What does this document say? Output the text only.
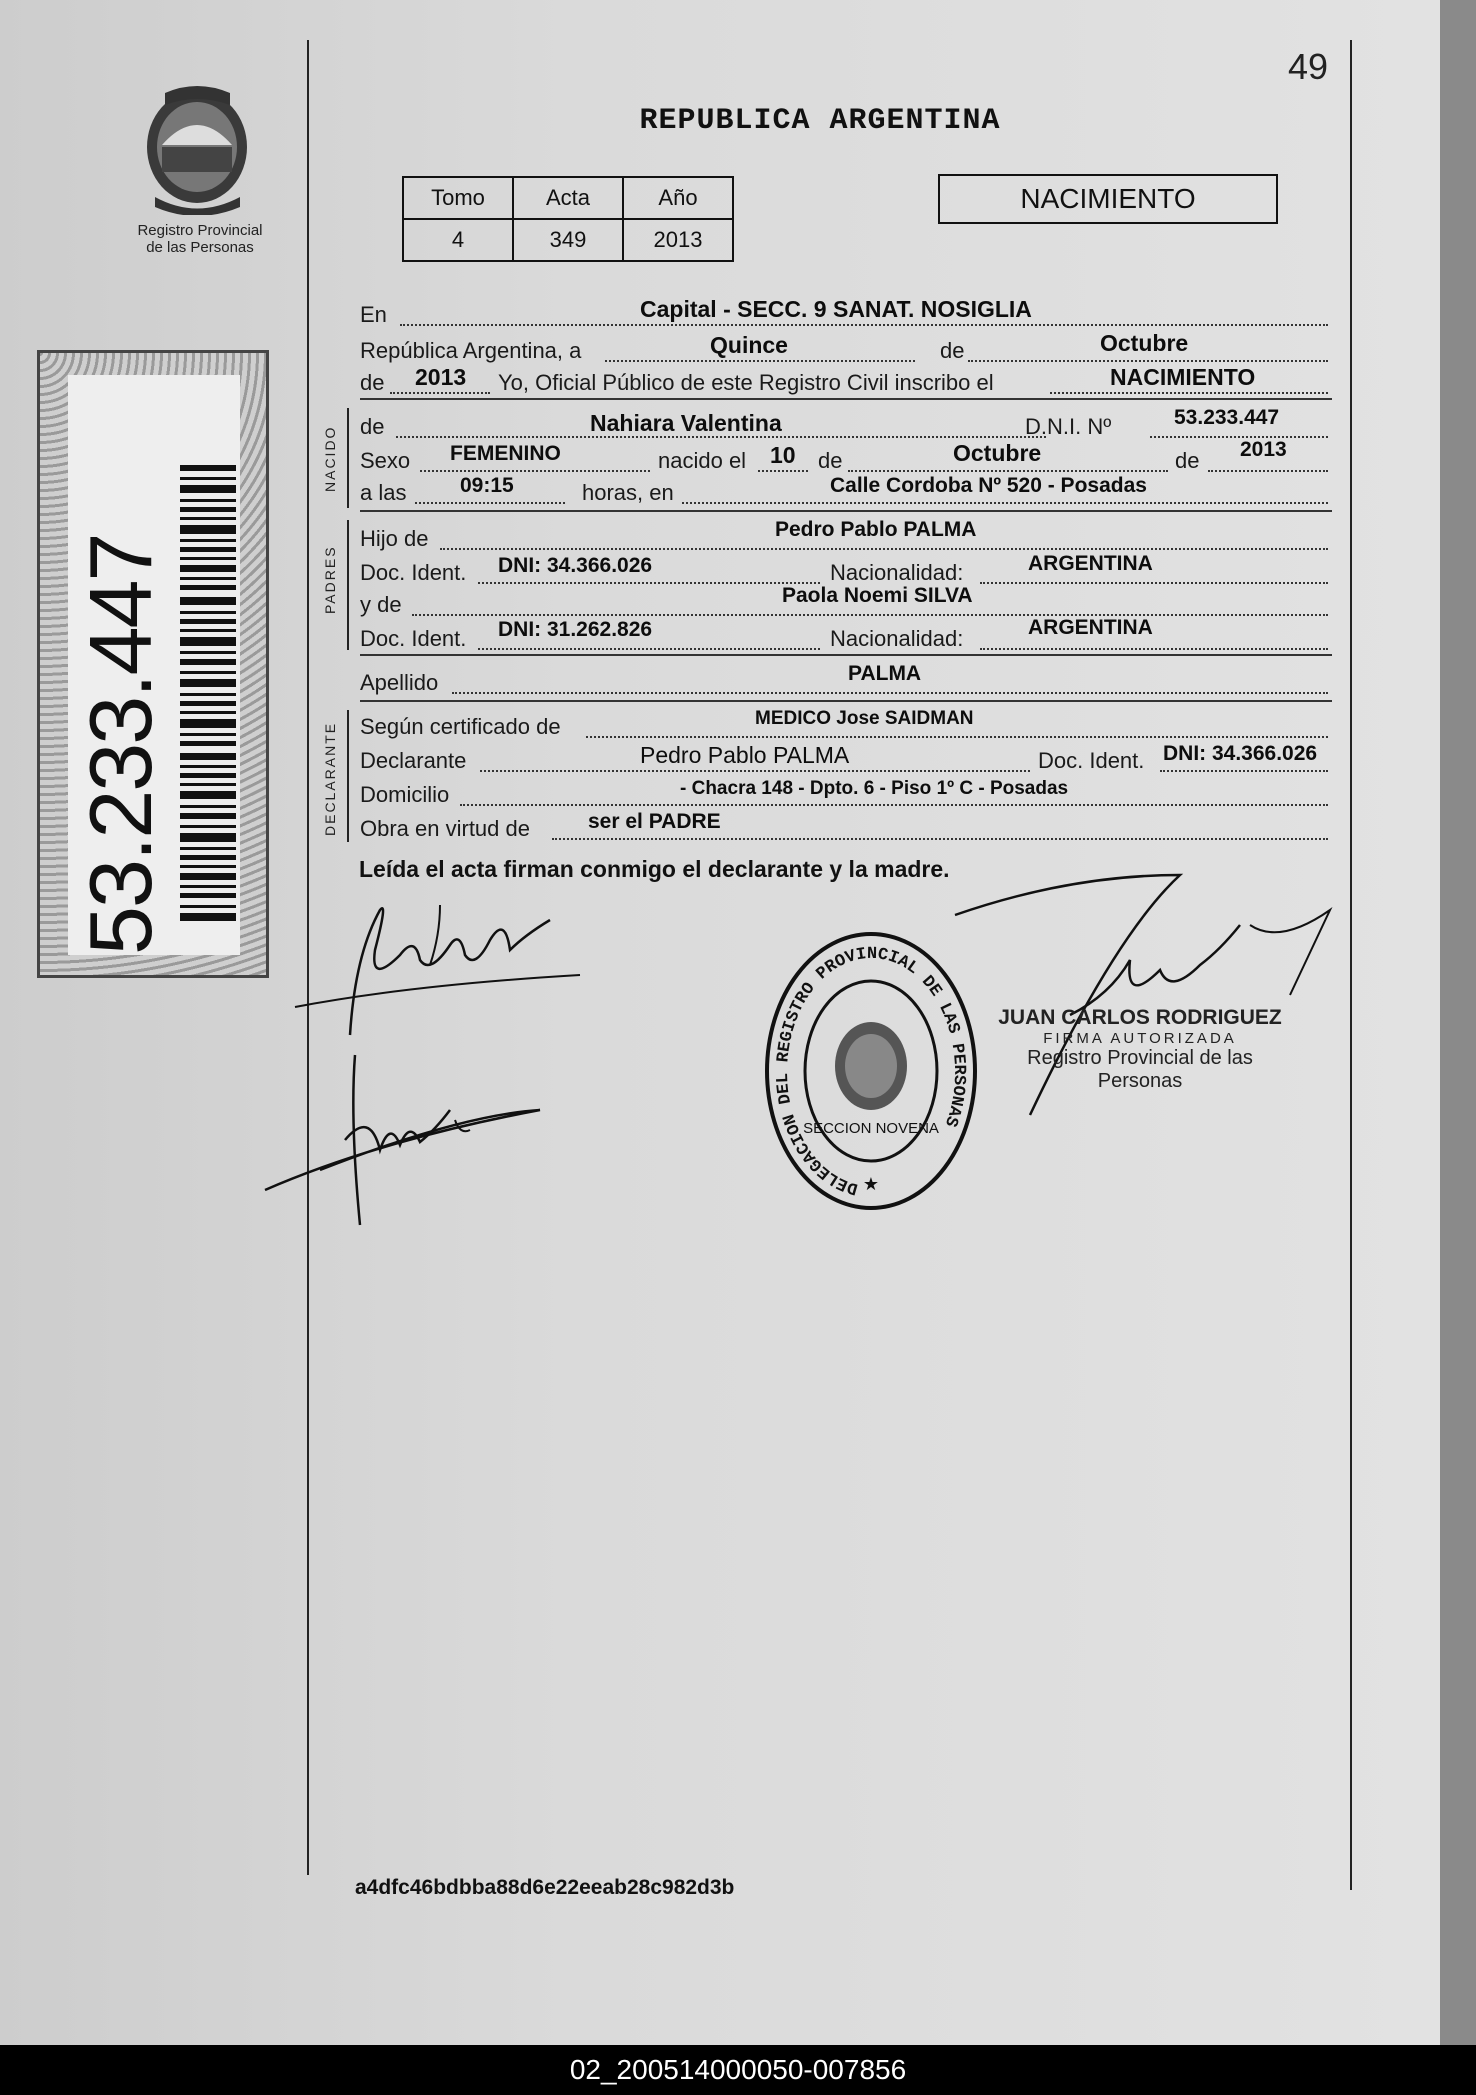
49
Registro Provincial
de las Personas
53.233.447
REPUBLICA ARGENTINA
Tomo	Acta	Año
4	349	2013
NACIMIENTO
En	Capital - SECC. 9 SANAT. NOSIGLIA
República Argentina, a	Quince	de	Octubre
de 2013 Yo, Oficial Público de este Registro Civil inscribo el	NACIMIENTO
NACIDO de	Nahiara Valentina	D.N.I. Nº	53.233.447
Sexo FEMENINO	nacido el 10 de	Octubre	de 2013
a las	09:15	horas, en	Calle Cordoba Nº 520 - Posadas
PADRES
Hijo de	Pedro Pablo PALMA
Doc. Ident. DNI: 34.366.026	Nacionalidad:	ARGENTINA
y de	Paola Noemi SILVA
Doc. Ident. DNI: 31.262.826	Nacionalidad:	ARGENTINA
Apellido	PALMA
DECLARANTE Según certificado de	MEDICO Jose SAIDMAN
Declarante	Pedro Pablo PALMA	Doc. Ident. DNI: 34.366.026
Domicilio	- Chacra 148 - Dpto. 6 - Piso 1º C - Posadas
Obra en virtud de	ser el PADRE
Leída el acta firman conmigo el declarante y la madre.
DELEGACION DEL REGISTRO PROVINCIAL DE LAS PERSONAS
SECCION NOVENA
★
JUAN CARLOS RODRIGUEZ
FIRMA AUTORIZADA
Registro Provincial de las Personas
a4dfc46bdbba88d6e22eeab28c982d3b
02_200514000050-007856
